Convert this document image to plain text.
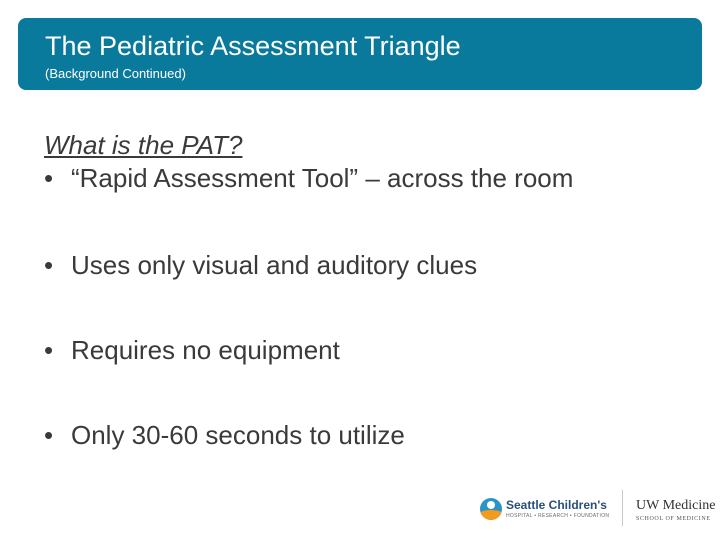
The Pediatric Assessment Triangle
(Background Continued)
What is the PAT?
• “Rapid Assessment Tool” – across the room
• Uses only visual and auditory clues
• Requires no equipment
• Only 30-60 seconds to utilize
Seattle Children's
HOSPITAL • RESEARCH • FOUNDATION
UW Medicine
SCHOOL OF MEDICINE
